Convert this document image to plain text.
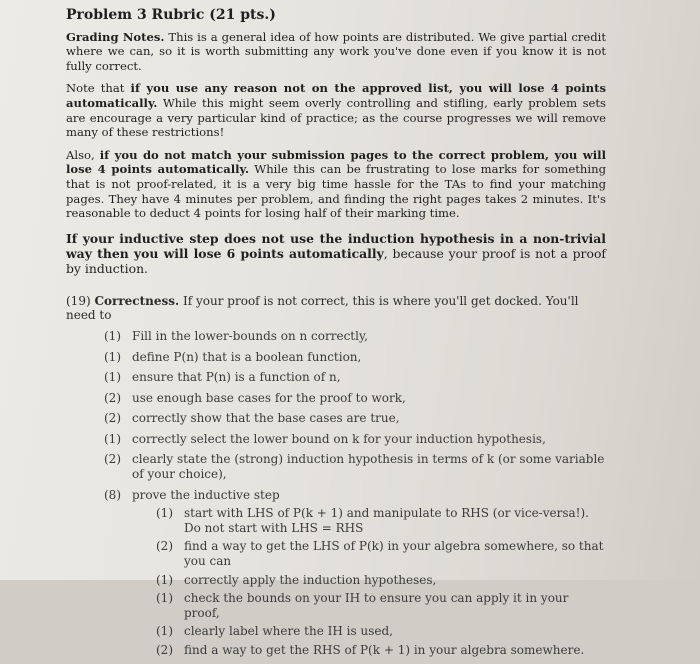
Problem 3 Rubric (21 pts.)

Grading Notes. This is a general idea of how points are distributed. We give partial credit where we can, so it is worth submitting any work you've done even if you know it is not fully correct.

Note that if you use any reason not on the approved list, you will lose 4 points automatically. While this might seem overly controlling and stifling, early problem sets are encourage a very particular kind of practice; as the course progresses we will remove many of these restrictions!

Also, if you do not match your submission pages to the correct problem, you will lose 4 points automatically. While this can be frustrating to lose marks for something that is not proof-related, it is a very big time hassle for the TAs to find your matching pages. They have 4 minutes per problem, and finding the right pages takes 2 minutes. It's reasonable to deduct 4 points for losing half of their marking time.

If your inductive step does not use the induction hypothesis in a non-trivial way then you will lose 6 points automatically, because your proof is not a proof by induction.

(19) Correctness. If your proof is not correct, this is where you'll get docked. You'll need to
(1) Fill in the lower-bounds on n correctly,
(1) define P(n) that is a boolean function,
(1) ensure that P(n) is a function of n,
(2) use enough base cases for the proof to work,
(2) correctly show that the base cases are true,
(1) correctly select the lower bound on k for your induction hypothesis,
(2) clearly state the (strong) induction hypothesis in terms of k (or some variable of your choice),
(8) prove the inductive step
(1) start with LHS of P(k + 1) and manipulate to RHS (or vice-versa!). Do not start with LHS = RHS
(2) find a way to get the LHS of P(k) in your algebra somewhere, so that you can
(1) correctly apply the induction hypotheses,
(1) check the bounds on your IH to ensure you can apply it in your proof,
(1) clearly label where the IH is used,
(2) find a way to get the RHS of P(k + 1) in your algebra somewhere.
